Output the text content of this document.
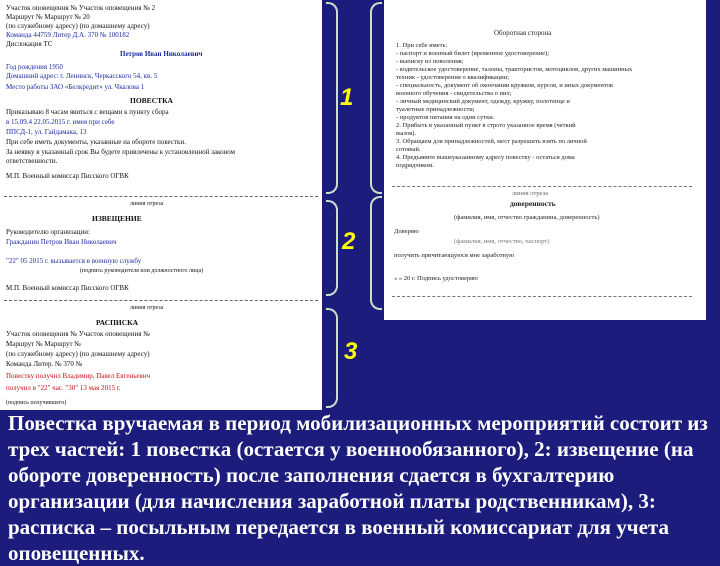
Участок оповещения № Участок оповещения № 2
Маршрут № Маршрут № 20
(по служебному адресу) (по домашнему адресу)
Команда 44759 Литер Д.А. 370 № 100182
Дислокация ТС
Петров Иван Николаевич
Год рождения 1950
Домашний адрес: г. Ленинск, Черкасского 54, кв. 5
Место работы ЗАО «Белкредит» ул. Чкалова 1
ПОВЕСТКА
Приказываю 8 часам явиться с вещами к пункту сбора
в 15.09.4 22.05.2015 г. имея при себе
ППСД-1, ул. Гайдамака, 13
При себе иметь документы, указанные на обороте повестки.
За неявку в указанный срок Вы будете привлечены к установленной законом
ответственности.
М.П. Военный комиссар Писского ОГВК
линия отреза
ИЗВЕЩЕНИЕ
Руководителю организации:
Гражданин Петров Иван Николаевич
"22" 05 2015 г. вызывается в военную службу
(подпись руководителя или должностного лица)
М.П. Военный комиссар Писского ОГВК
линия отреза
РАСПИСКА
Участок оповещения № Участок оповещения №
Маршрут № Маршрут №
(по служебному адресу) (по домашнему адресу)
Команда Литер. № 370 №
Повестку получил Владимир, Павел Евгеньевич
получил в "22" час. "30" 13 мая 2015 г.
(подпись получившего)
1
2
3
Оборотная сторона
1. При себе иметь:
- паспорт и военный билет (временное удостоверение);
- выписку из поволения;
- водительское удостоверение, талоны, трактористов, мотоциклов, других машинных
техник - удостоверения о квалификации;
- специальность, документ об окончании кружков, курсов, и иных документов
военного обучения - свидетельства о них;
- личный медицинский документ, одежду, кружку, полотенце и
туалетные принадлежности;
- продуктов питания на одни сутки.
2. Прибыть в указанный пункт в строго указанное время (четкий
вызов).
3. Обращаем для принадлежностей, мест разрешить взять по личной
сотовый.
4. Предъявите вышеуказанному адресу повестку - остаться дома
подрядчиком.
линия отреза
доверенность
(фамилия, имя, отчество гражданина, доверенность)
Доверяю
(фамилия, имя, отчество, паспорт)
получить причитающуюся мне заработную
« » 20 г. Подпись удостоверяю
Повестка вручаемая в период мобилизационных мероприятий состоит из трех частей: 1 повестка (остается у военнообязанного), 2: извещение (на обороте доверенность) после заполнения сдается в бухгалтерию организации (для начисления заработной платы родственникам), 3: расписка – посыльным передается в военный комиссариат для учета оповещенных.
